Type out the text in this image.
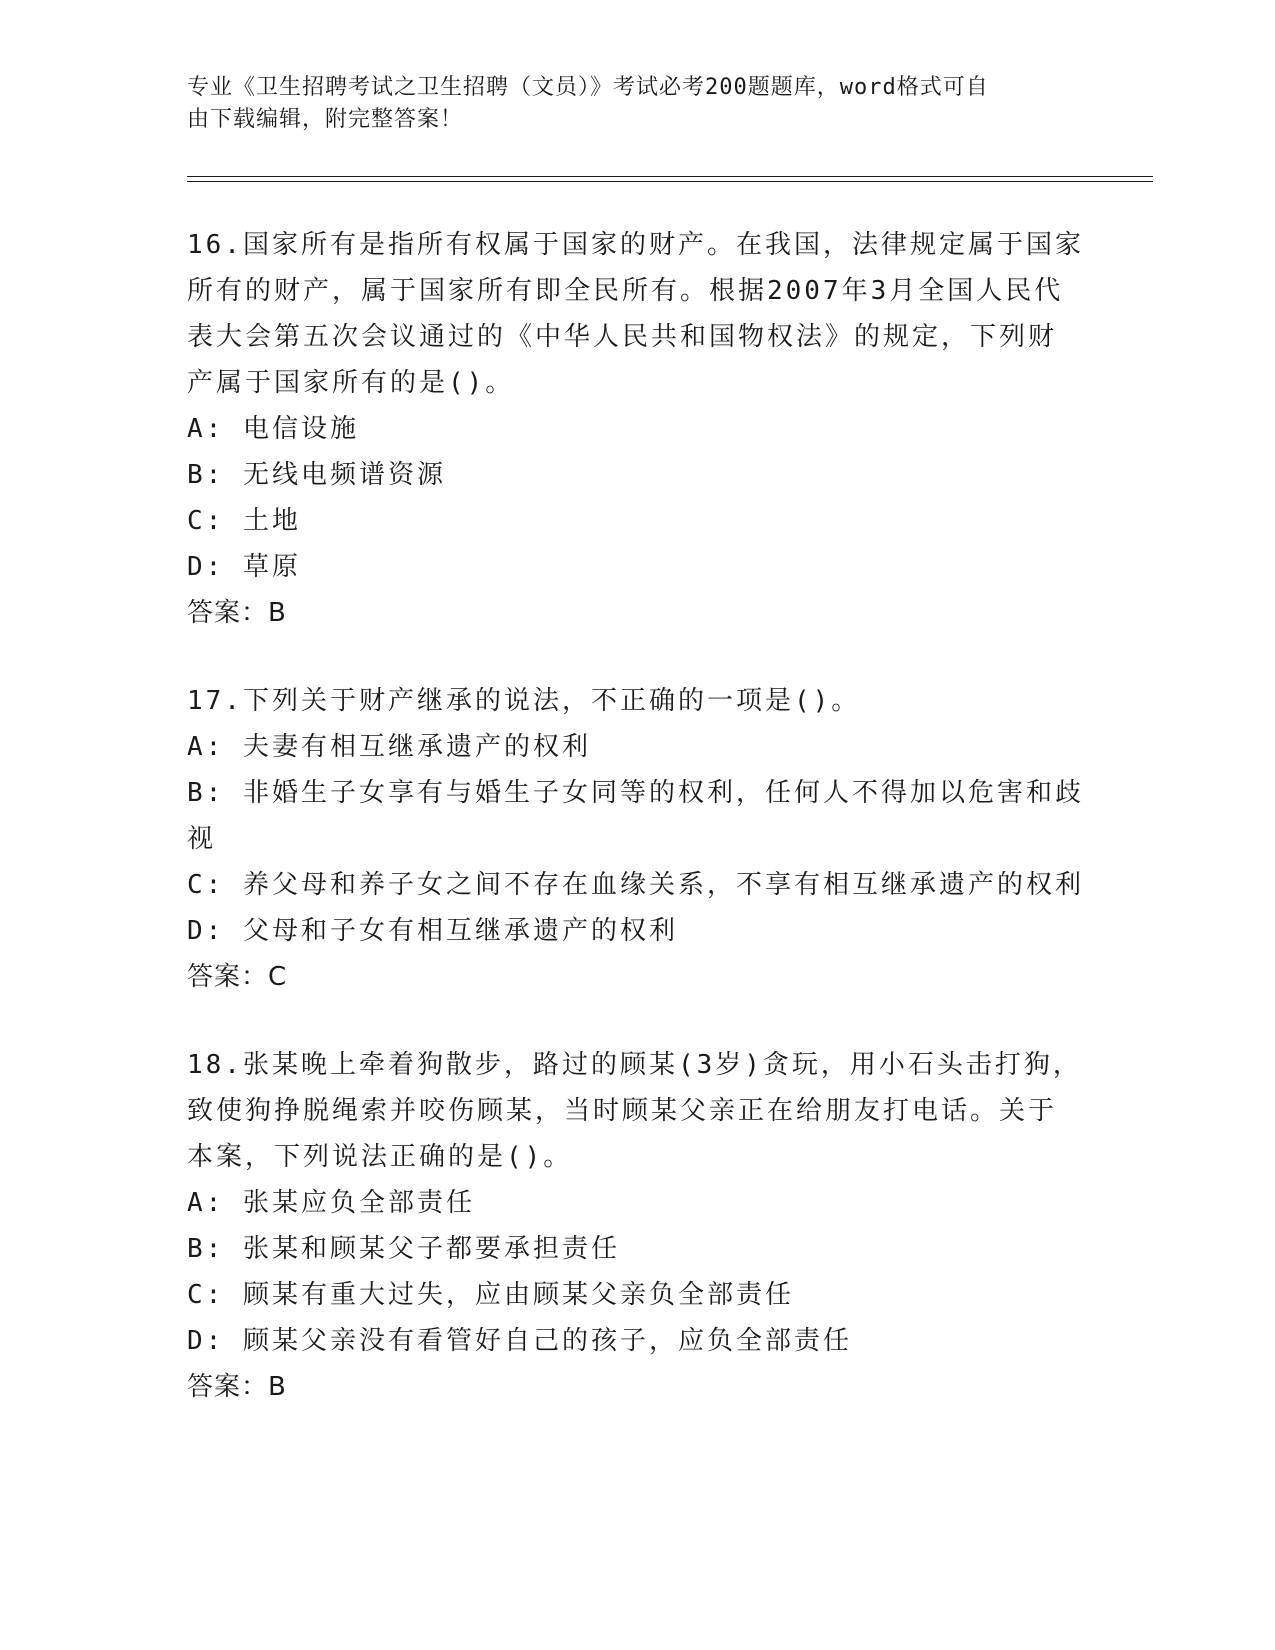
专业《卫生招聘考试之卫生招聘（文员）》考试必考200题题库，word格式可自
由下载编辑，附完整答案！
16.国家所有是指所有权属于国家的财产。在我国，法律规定属于国家
所有的财产，属于国家所有即全民所有。根据2007年3月全国人民代
表大会第五次会议通过的《中华人民共和国物权法》的规定，下列财
产属于国家所有的是()。
A: 电信设施
B: 无线电频谱资源
C: 土地
D: 草原
答案：B
17.下列关于财产继承的说法，不正确的一项是()。
A: 夫妻有相互继承遗产的权利
B: 非婚生子女享有与婚生子女同等的权利，任何人不得加以危害和歧
视
C: 养父母和养子女之间不存在血缘关系，不享有相互继承遗产的权利
D: 父母和子女有相互继承遗产的权利
答案：C
18.张某晚上牵着狗散步，路过的顾某(3岁)贪玩，用小石头击打狗，
致使狗挣脱绳索并咬伤顾某，当时顾某父亲正在给朋友打电话。关于
本案，下列说法正确的是()。
A: 张某应负全部责任
B: 张某和顾某父子都要承担责任
C: 顾某有重大过失，应由顾某父亲负全部责任
D: 顾某父亲没有看管好自己的孩子，应负全部责任
答案：B
